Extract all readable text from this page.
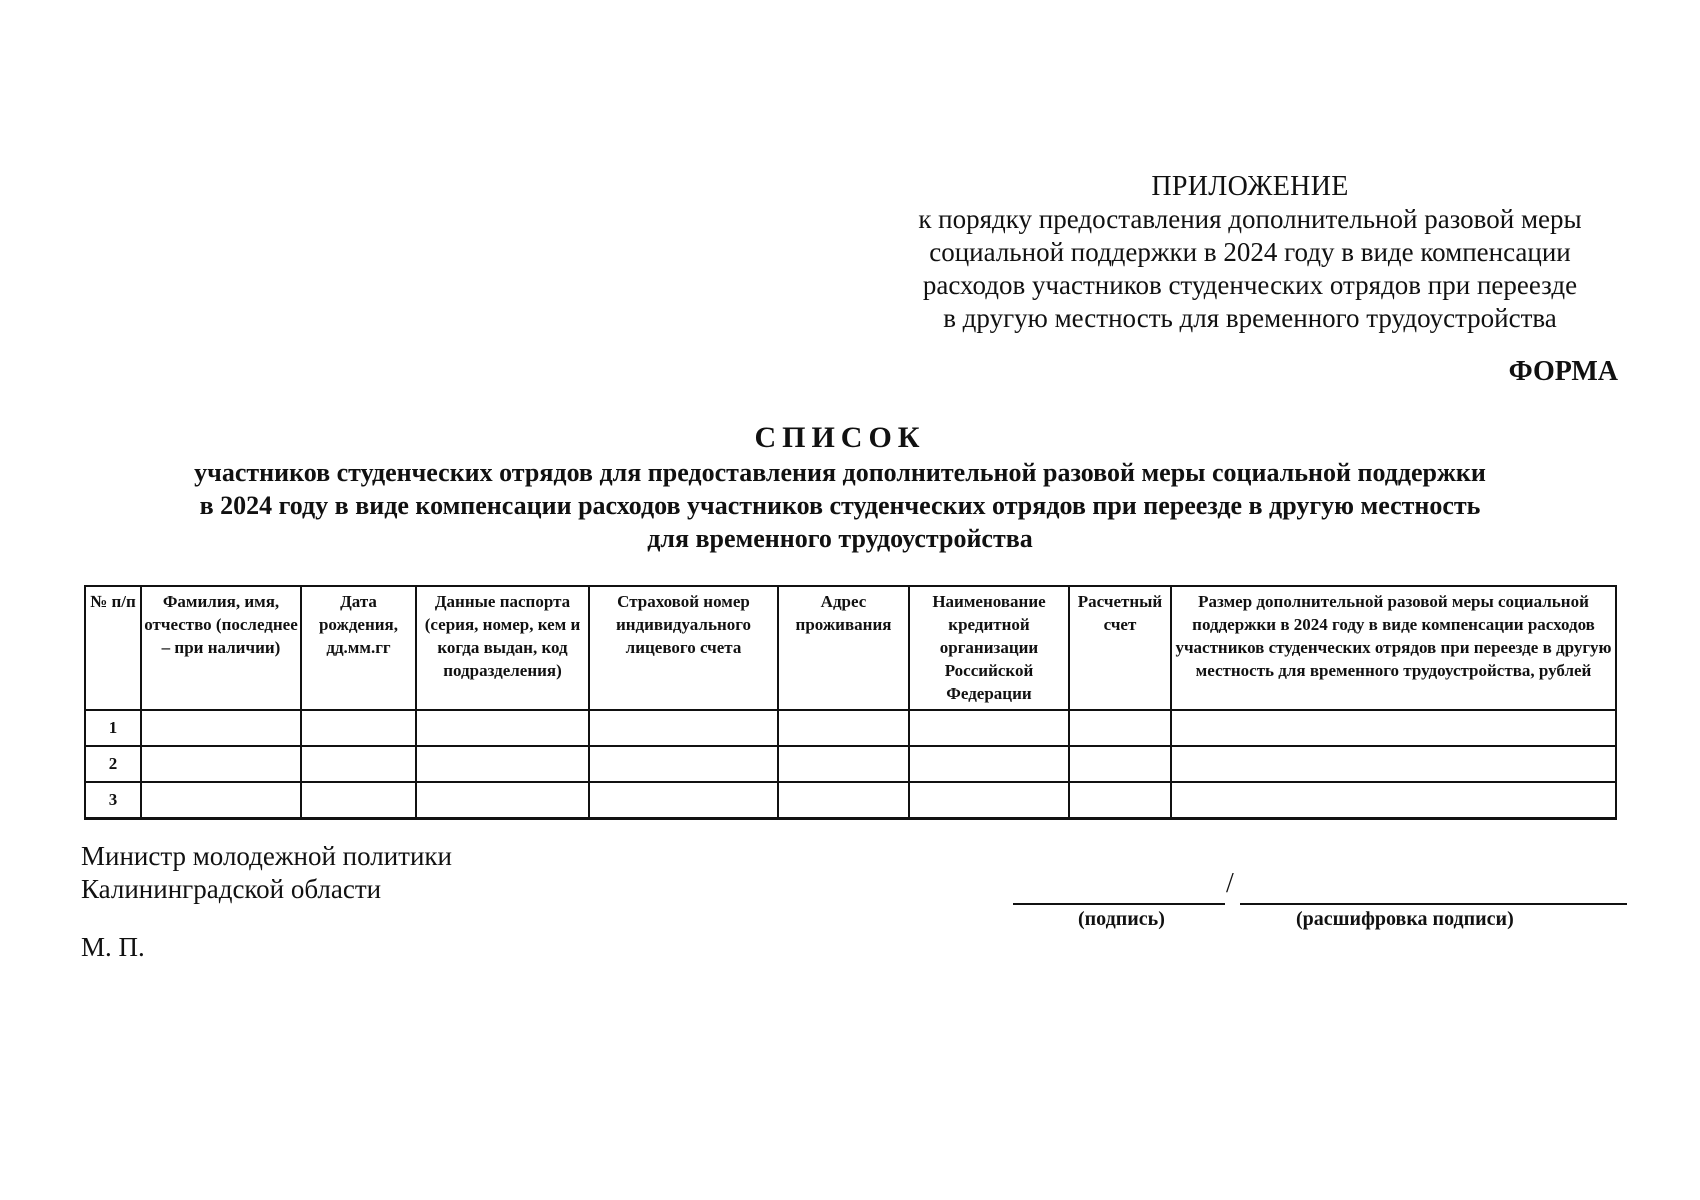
ПРИЛОЖЕНИЕ
к порядку предоставления дополнительной разовой меры
социальной поддержки в 2024 году в виде компенсации
расходов участников студенческих отрядов при переезде
в другую местность для временного трудоустройства
ФОРМА
СПИСОК
участников студенческих отрядов для предоставления дополнительной разовой меры социальной поддержки
в 2024 году в виде компенсации расходов участников студенческих отрядов при переезде в другую местность
для временного трудоустройства
№ п/п	Фамилия, имя, отчество (последнее – при наличии)	Дата рождения, дд.мм.гг	Данные паспорта (серия, номер, кем и когда выдан, код подразделения)	Страховой номер индивидуального лицевого счета	Адрес проживания	Наименование кредитной организации Российской Федерации	Расчетный счет	Размер дополнительной разовой меры социальной поддержки в 2024 году в виде компенсации расходов участников студенческих отрядов при переезде в другую местность для временного трудоустройства, рублей
1								
2								
3								
Министр молодежной политики
Калининградской области	/
(подпись)	(расшифровка подписи)
М. П.
